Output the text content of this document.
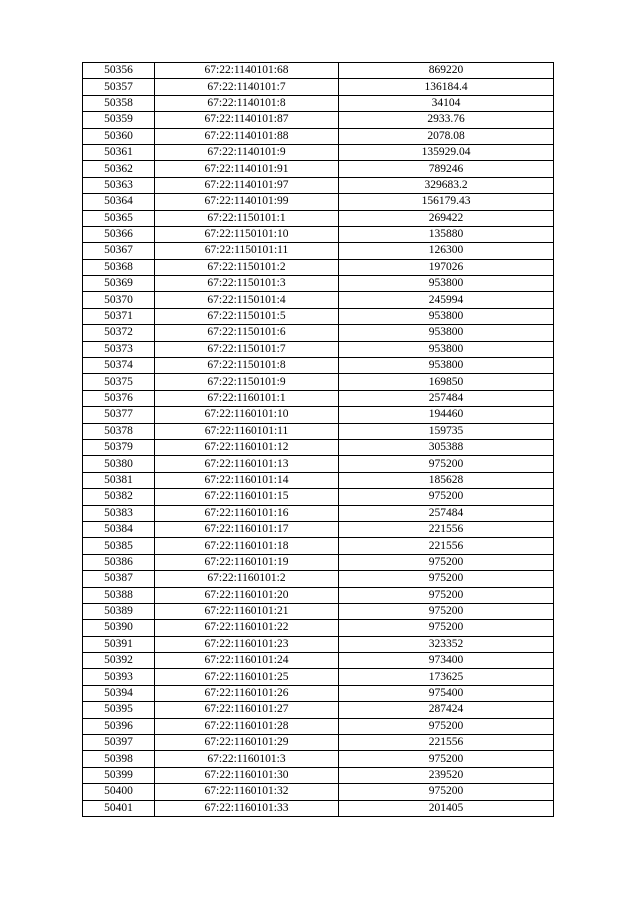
50356	67:22:1140101:68	869220
50357	67:22:1140101:7	136184.4
50358	67:22:1140101:8	34104
50359	67:22:1140101:87	2933.76
50360	67:22:1140101:88	2078.08
50361	67:22:1140101:9	135929.04
50362	67:22:1140101:91	789246
50363	67:22:1140101:97	329683.2
50364	67:22:1140101:99	156179.43
50365	67:22:1150101:1	269422
50366	67:22:1150101:10	135880
50367	67:22:1150101:11	126300
50368	67:22:1150101:2	197026
50369	67:22:1150101:3	953800
50370	67:22:1150101:4	245994
50371	67:22:1150101:5	953800
50372	67:22:1150101:6	953800
50373	67:22:1150101:7	953800
50374	67:22:1150101:8	953800
50375	67:22:1150101:9	169850
50376	67:22:1160101:1	257484
50377	67:22:1160101:10	194460
50378	67:22:1160101:11	159735
50379	67:22:1160101:12	305388
50380	67:22:1160101:13	975200
50381	67:22:1160101:14	185628
50382	67:22:1160101:15	975200
50383	67:22:1160101:16	257484
50384	67:22:1160101:17	221556
50385	67:22:1160101:18	221556
50386	67:22:1160101:19	975200
50387	67:22:1160101:2	975200
50388	67:22:1160101:20	975200
50389	67:22:1160101:21	975200
50390	67:22:1160101:22	975200
50391	67:22:1160101:23	323352
50392	67:22:1160101:24	973400
50393	67:22:1160101:25	173625
50394	67:22:1160101:26	975400
50395	67:22:1160101:27	287424
50396	67:22:1160101:28	975200
50397	67:22:1160101:29	221556
50398	67:22:1160101:3	975200
50399	67:22:1160101:30	239520
50400	67:22:1160101:32	975200
50401	67:22:1160101:33	201405
